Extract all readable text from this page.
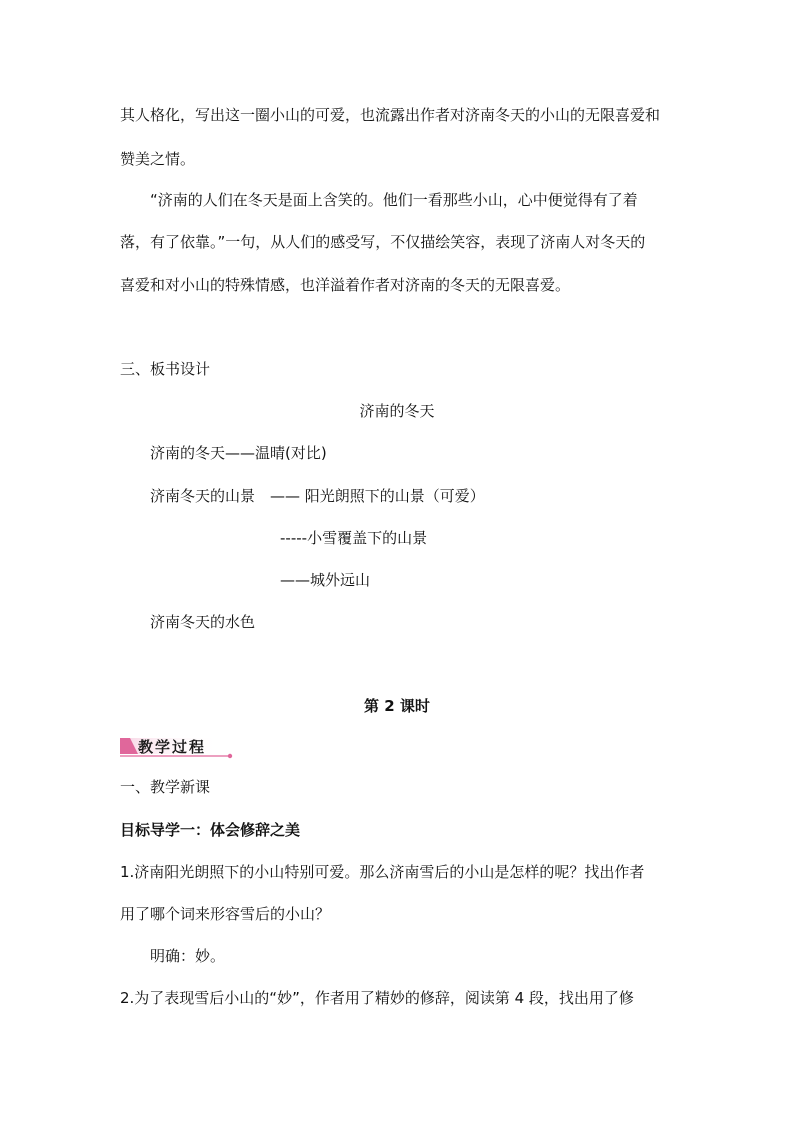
其人格化，写出这一圈小山的可爱，也流露出作者对济南冬天的小山的无限喜爱和

赞美之情。

“济南的人们在冬天是面上含笑的。他们一看那些小山，心中便觉得有了着

落，有了依靠。”一句，从人们的感受写，不仅描绘笑容，表现了济南人对冬天的

喜爱和对小山的特殊情感，也洋溢着作者对济南的冬天的无限喜爱。

三、板书设计

济南的冬天

济南的冬天——温晴(对比)

济南冬天的山景　—— 阳光朗照下的山景（可爱）

-----小雪覆盖下的山景

——城外远山

济南冬天的水色

第 2 课时

教学过程

一、教学新课

目标导学一：体会修辞之美

1.济南阳光朗照下的小山特别可爱。那么济南雪后的小山是怎样的呢？找出作者

用了哪个词来形容雪后的小山？

明确：妙。

2.为了表现雪后小山的“妙”，作者用了精妙的修辞，阅读第 4 段，找出用了修
